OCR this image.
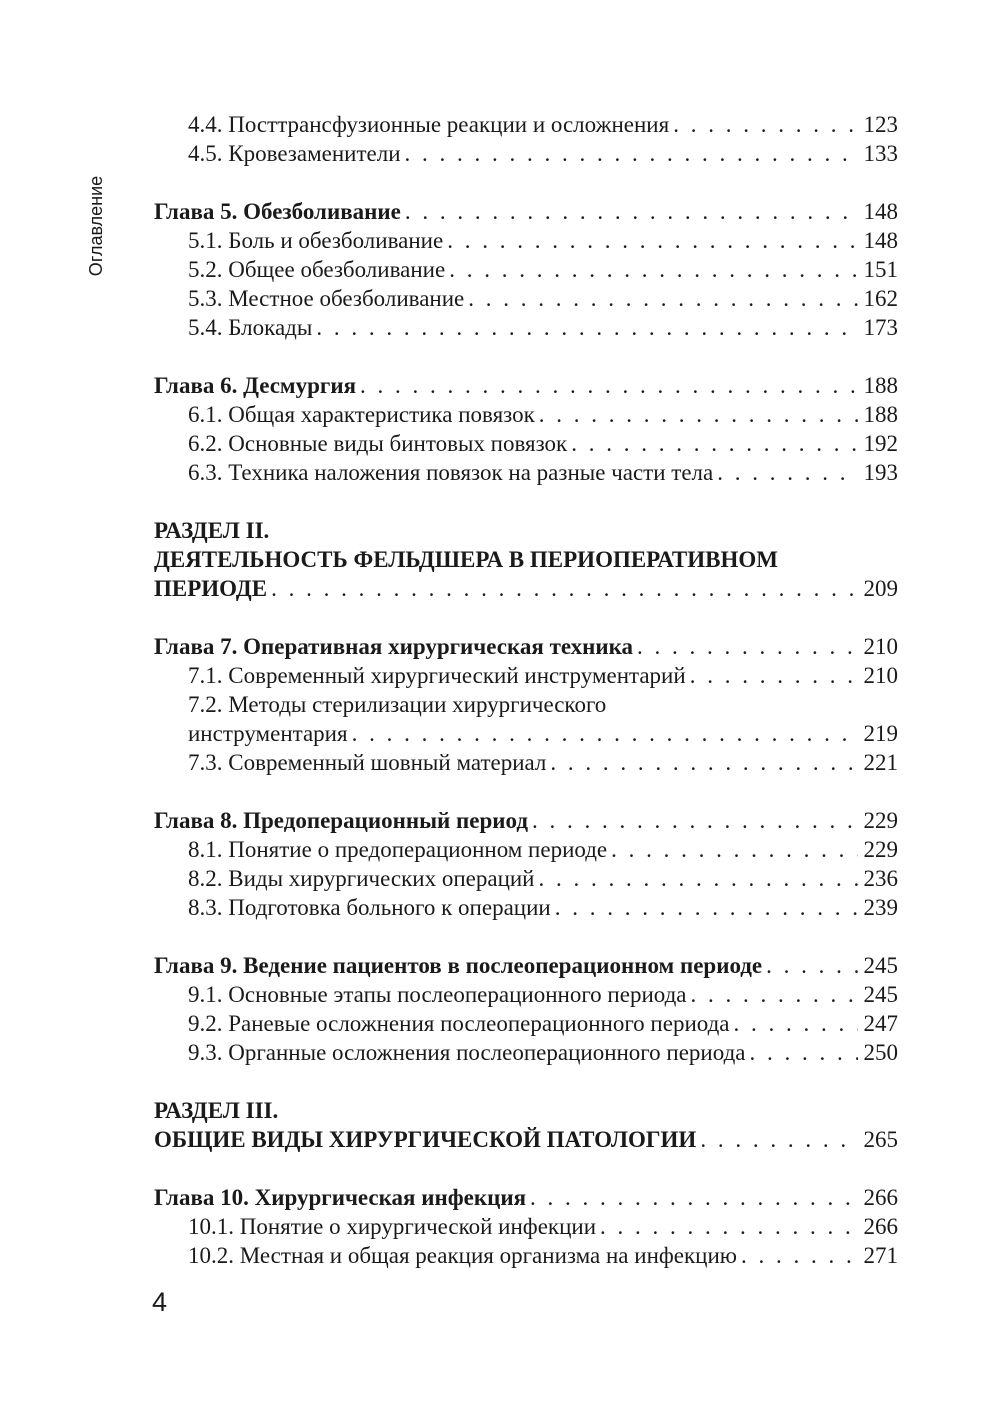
Оглавление
4.4. Посттрансфузионные реакции и осложнения . . .	123
4.5. Кровезаменители . . .	133
Глава 5. Обезболивание . . .	148
5.1. Боль и обезболивание . . .	148
5.2. Общее обезболивание . . .	151
5.3. Местное обезболивание . . .	162
5.4. Блокады . . .	173
Глава 6. Десмургия . . .	188
6.1. Общая характеристика повязок . . .	188
6.2. Основные виды бинтовых повязок . . .	192
6.3. Техника наложения повязок на разные части тела . . .	193
РАЗДЕЛ II.
ДЕЯТЕЛЬНОСТЬ ФЕЛЬДШЕРА В ПЕРИОПЕРАТИВНОМ
ПЕРИОДЕ . . .	209
Глава 7. Оперативная хирургическая техника . . .	210
7.1. Современный хирургический инструментарий . . .	210
7.2. Методы стерилизации хирургического
инструментария . . .	219
7.3. Современный шовный материал . . .	221
Глава 8. Предоперационный период . . .	229
8.1. Понятие о предоперационном периоде . . .	229
8.2. Виды хирургических операций . . .	236
8.3. Подготовка больного к операции . . .	239
Глава 9. Ведение пациентов в послеоперационном периоде . . .	245
9.1. Основные этапы послеоперационного периода . . .	245
9.2. Раневые осложнения послеоперационного периода . . .	247
9.3. Органные осложнения послеоперационного периода . . .	250
РАЗДЕЛ III.
ОБЩИЕ ВИДЫ ХИРУРГИЧЕСКОЙ ПАТОЛОГИИ . . .	265
Глава 10. Хирургическая инфекция . . .	266
10.1. Понятие о хирургической инфекции . . .	266
10.2. Местная и общая реакция организма на инфекцию . . .	271
4
